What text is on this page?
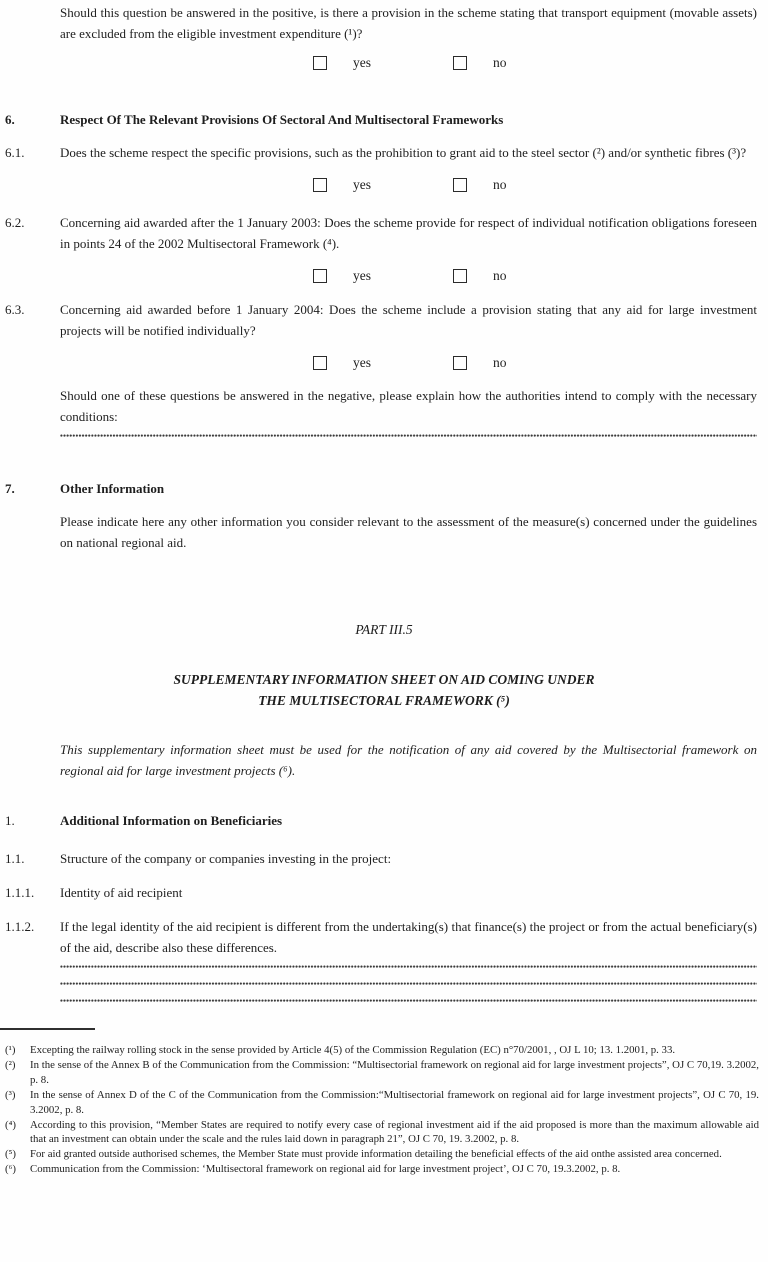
Should this question be answered in the positive, is there a provision in the scheme stating that transport equipment (movable assets) are excluded from the eligible investment expenditure (¹)?

yes	no
6.	Respect Of The Relevant Provisions Of Sectoral And Multisectoral Frameworks

6.1.	Does the scheme respect the specific provisions, such as the prohibition to grant aid to the steel sector (²) and/or synthetic fibres (³)?

yes	no
6.2.	Concerning aid awarded after the 1 January 2003: Does the scheme provide for respect of individual notification obligations foreseen in points 24 of the 2002 Multisectoral Framework (⁴).

yes	no
6.3.	Concerning aid awarded before 1 January 2004: Does the scheme include a provision stating that any aid for large investment projects will be notified individually?

yes	no

Should one of these questions be answered in the negative, please explain how the authorities intend to comply with the necessary conditions:

7.	Other Information

Please indicate here any other information you consider relevant to the assessment of the measure(s) concerned under the guidelines on national regional aid.

PART III.5

SUPPLEMENTARY INFORMATION SHEET ON AID COMING UNDER

THE MULTISECTORAL FRAMEWORK (⁵)

This supplementary information sheet must be used for the notification of any aid covered by the Multisectorial framework on regional aid for large investment projects (⁶).

1.	Additional Information on Beneficiaries

1.1.	Structure of the company or companies investing in the project:

1.1.1.	Identity of aid recipient

1.1.2.	If the legal identity of the aid recipient is different from the undertaking(s) that finance(s) the project or from the actual beneficiary(s) of the aid, describe also these differences.

(¹)	Excepting the railway rolling stock in the sense provided by Article 4(5) of the Commission Regulation (EC) n°70/2001, , OJ L 10; 13. 1.2001, p. 33.

(²)	In the sense of the Annex B of the Communication from the Commission: “Multisectorial framework on regional aid for large investment projects”, OJ C 70,19. 3.2002, p. 8.

(³)	In the sense of Annex D of the C of the Communication from the Commission:“Multisectorial framework on regional aid for large investment projects”, OJ C 70, 19. 3.2002, p. 8.

(⁴)	According to this provision, “Member States are required to notify every case of regional investment aid if the aid proposed is more than the maximum allowable aid that an investment can obtain under the scale and the rules laid down in paragraph 21”, OJ C 70, 19. 3.2002, p. 8.

(⁵)	For aid granted outside authorised schemes, the Member State must provide information detailing the beneficial effects of the aid onthe assisted area concerned.

(⁶)	Communication from the Commission: ‘Multisectoral framework on regional aid for large investment project’, OJ C 70, 19.3.2002, p. 8.
